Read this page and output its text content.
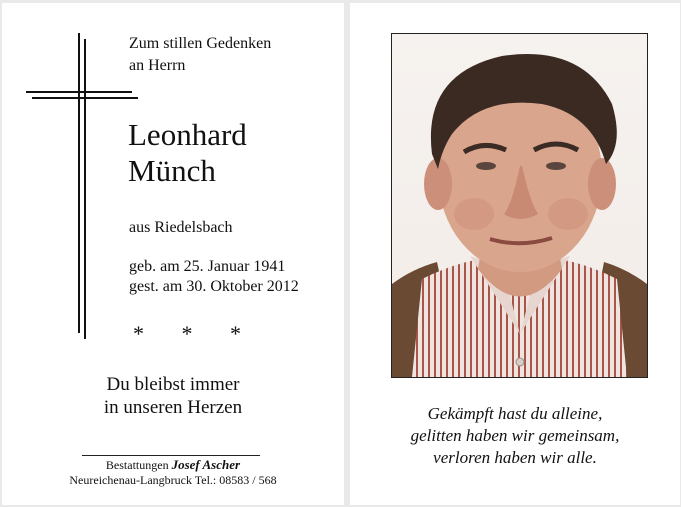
Zum stillen Gedenken
an Herrn
Leonhard
Münch
aus Riedelsbach
geb. am 25. Januar 1941
gest. am 30. Oktober 2012
* * *
Du bleibst immer
in unseren Herzen
Bestattungen Josef Ascher
Neureichenau-Langbruck Tel.: 08583 / 568
Gekämpft hast du alleine,
gelitten haben wir gemeinsam,
verloren haben wir alle.
